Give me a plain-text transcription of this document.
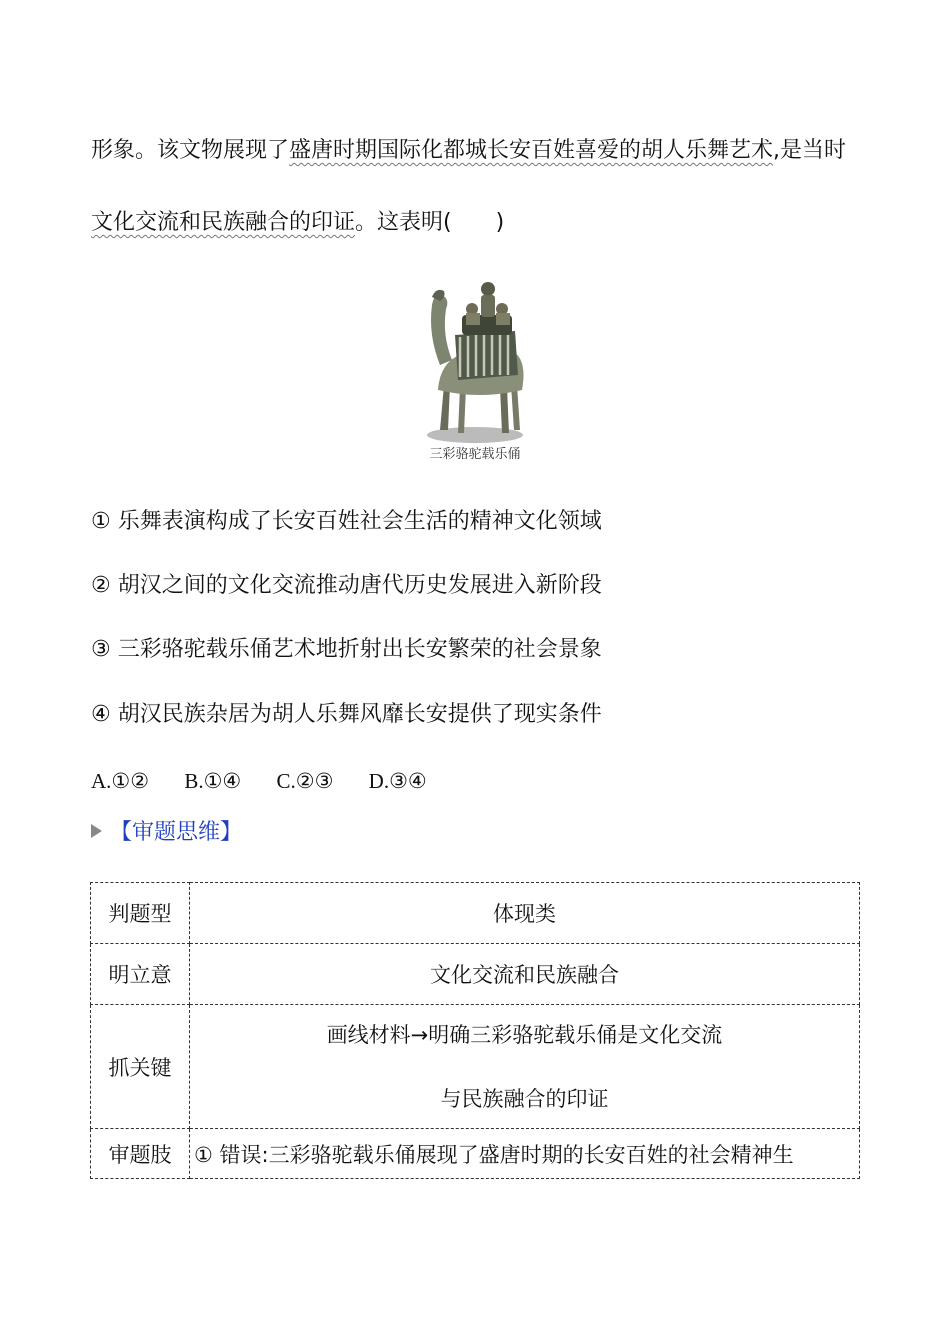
形象。该文物展现了盛唐时期国际化都城长安百姓喜爱的胡人乐舞艺术,是当时
文化交流和民族融合的印证。这表明(　　)
三彩骆驼载乐俑
① 乐舞表演构成了长安百姓社会生活的精神文化领域
② 胡汉之间的文化交流推动唐代历史发展进入新阶段
③ 三彩骆驼载乐俑艺术地折射出长安繁荣的社会景象
④ 胡汉民族杂居为胡人乐舞风靡长安提供了现实条件
A.①② B.①④ C.②③ D.③④
【审题思维】
判题型	体现类
明立意	文化交流和民族融合
抓关键	画线材料→明确三彩骆驼载乐俑是文化交流
与民族融合的印证

审题肢	① 错误:三彩骆驼载乐俑展现了盛唐时期的长安百姓的社会精神生
